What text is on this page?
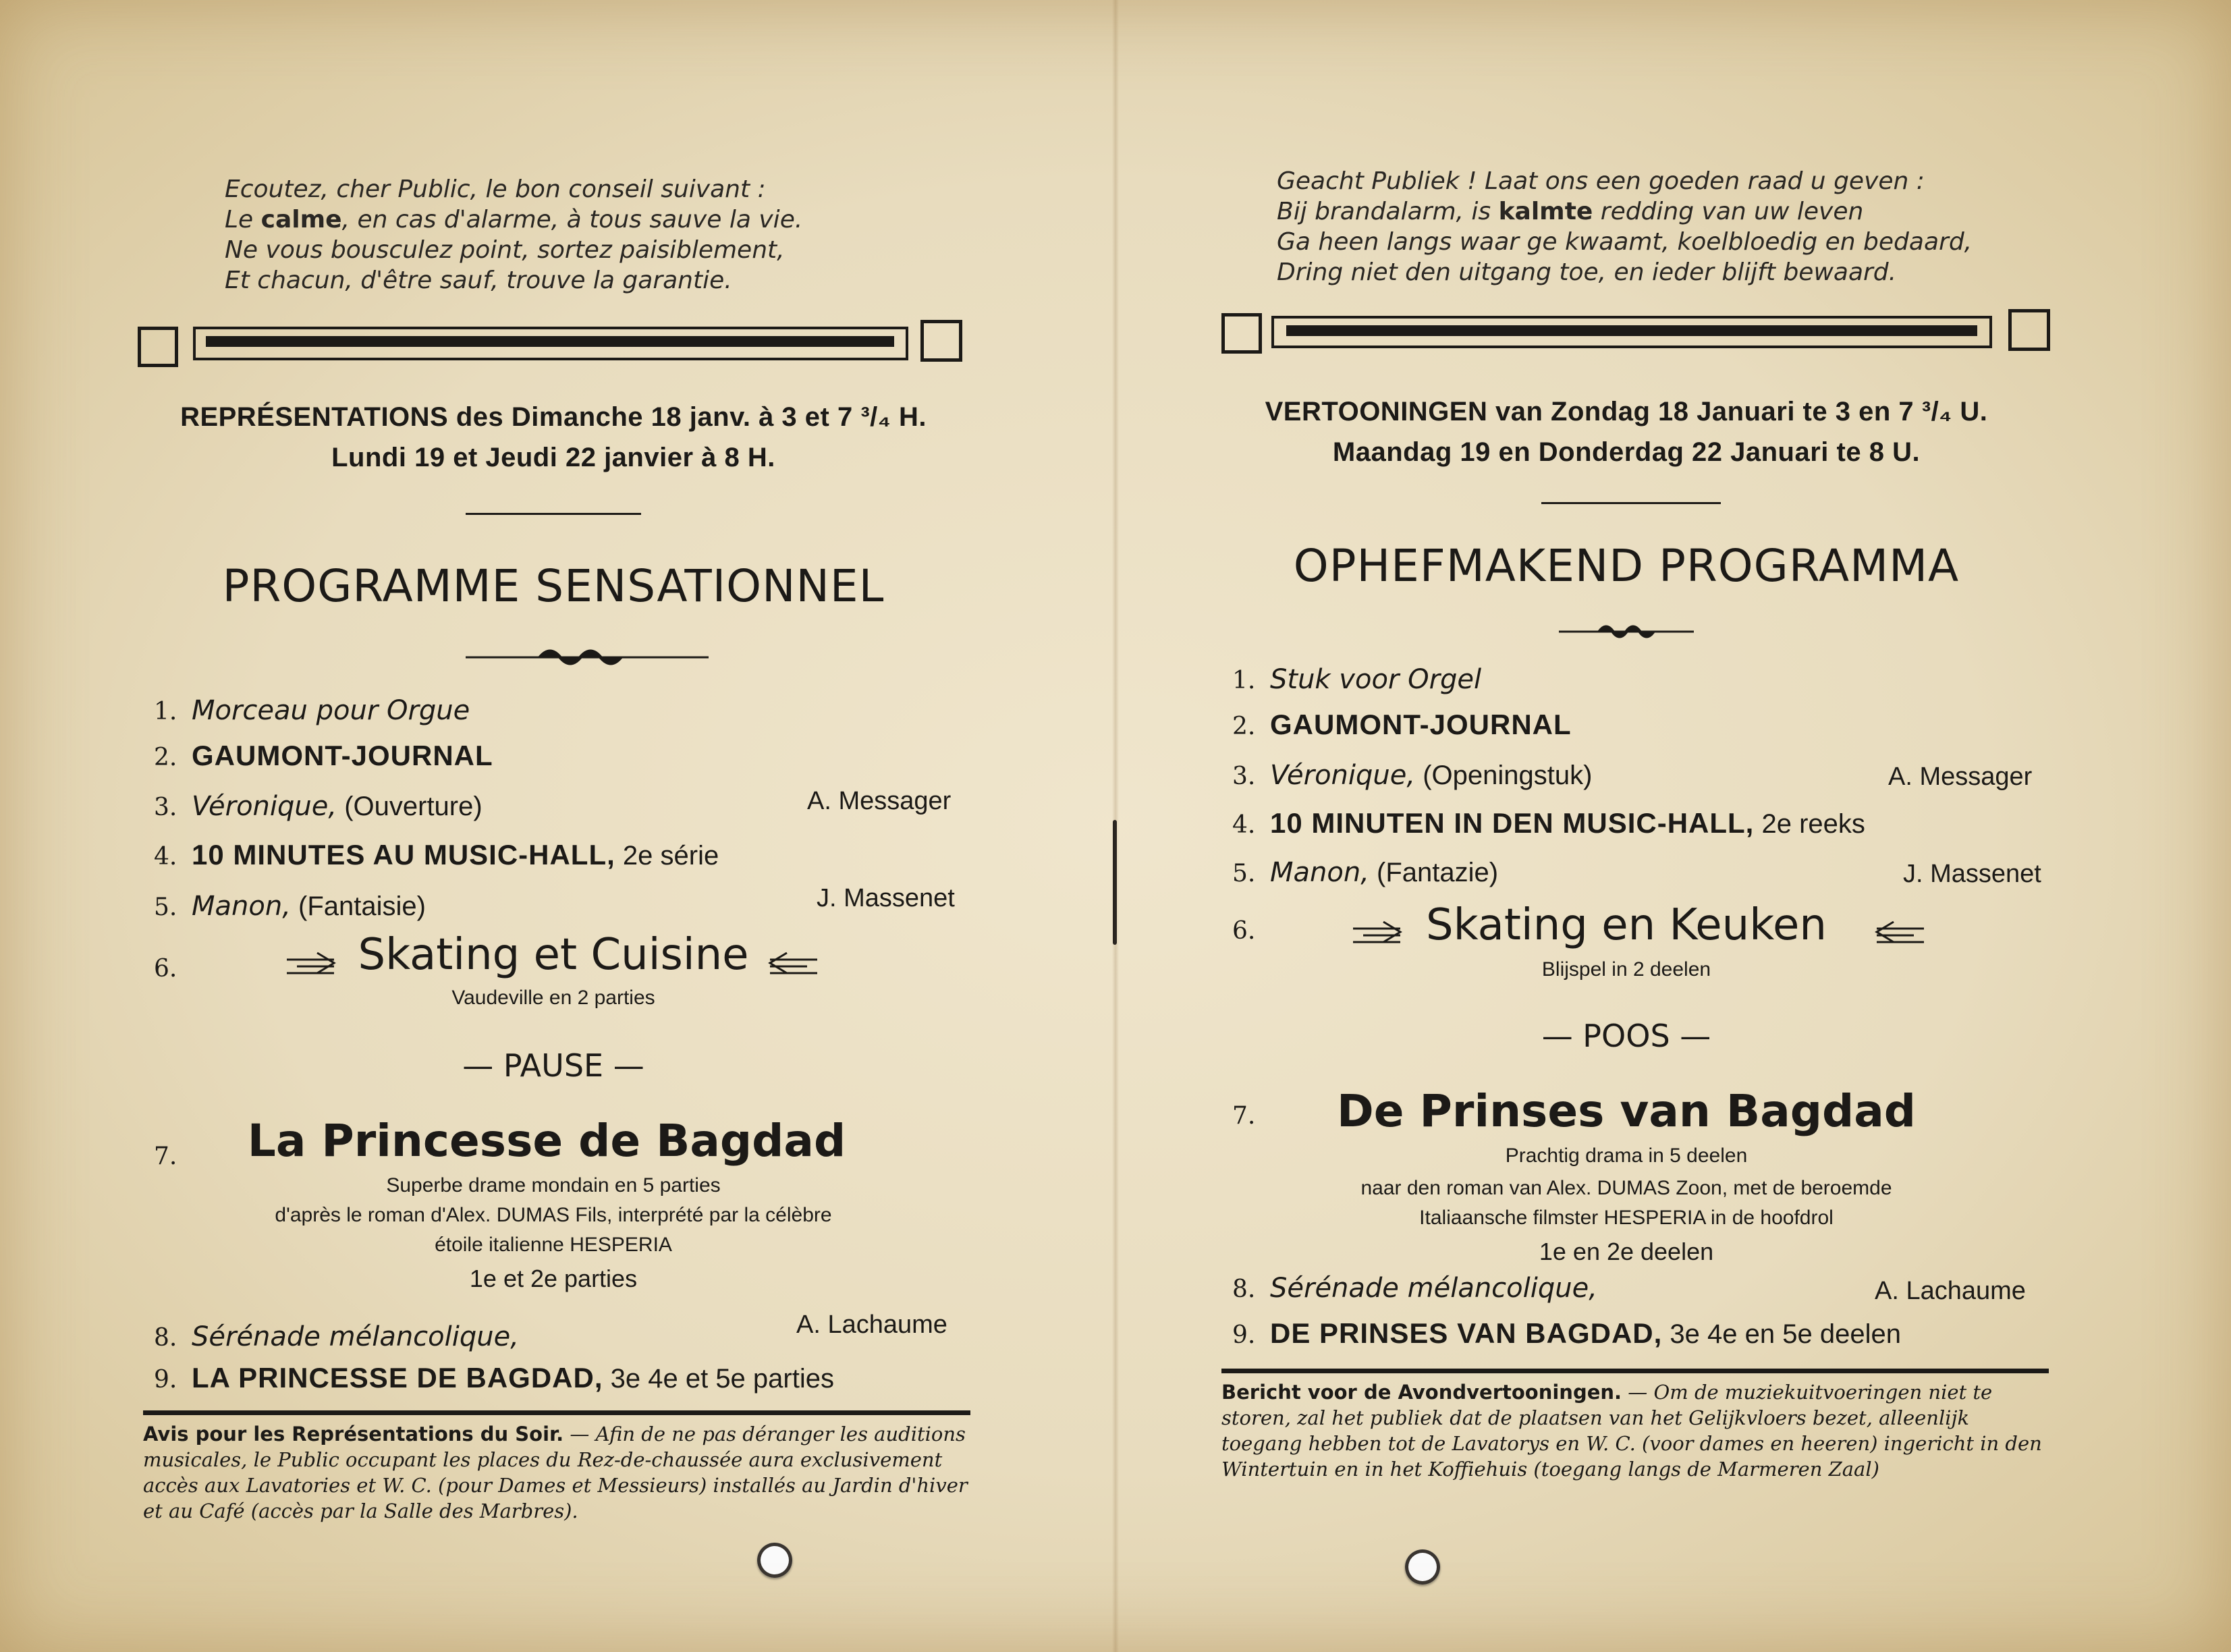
Ecoutez, cher Public, le bon conseil suivant :
Le calme, en cas d'alarme, à tous sauve la vie.
Ne vous bousculez point, sortez paisiblement,
Et chacun, d'être sauf, trouve la garantie.
REPRÉSENTATIONS des Dimanche 18 janv. à 3 et 7 ³/₄ H.
Lundi 19 et Jeudi 22 janvier à 8 H.
PROGRAMME SENSATIONNEL
1. Morceau pour Orgue
2. GAUMONT-JOURNAL
3. Véronique, (Ouverture)	A. Messager
4. 10 MINUTES AU MUSIC-HALL, 2e série
5. Manon, (Fantaisie)	J. Massenet
6.	Skating et Cuisine
Vaudeville en 2 parties
— PAUSE —
7.	La Princesse de Bagdad
Superbe drame mondain en 5 parties
d'après le roman d'Alex. DUMAS Fils, interprété par la célèbre
étoile italienne HESPERIA
1e et 2e parties
8. Sérénade mélancolique,	A. Lachaume
9. LA PRINCESSE DE BAGDAD, 3e 4e et 5e parties
Avis pour les Représentations du Soir. — Afin de ne pas déranger les auditions musicales, le Public occupant les places du Rez-de-chaussée aura exclusivement accès aux Lavatories et W. C. (pour Dames et Messieurs) installés au Jardin d'hiver et au Café (accès par la Salle des Marbres).
Geacht Publiek ! Laat ons een goeden raad u geven :
Bij brandalarm, is kalmte redding van uw leven
Ga heen langs waar ge kwaamt, koelbloedig en bedaard,
Dring niet den uitgang toe, en ieder blijft bewaard.
VERTOONINGEN van Zondag 18 Januari te 3 en 7 ³/₄ U.
Maandag 19 en Donderdag 22 Januari te 8 U.
OPHEFMAKEND PROGRAMMA
1. Stuk voor Orgel
2. GAUMONT-JOURNAL
3. Véronique, (Openingstuk)	A. Messager
4. 10 MINUTEN IN DEN MUSIC-HALL, 2e reeks
5. Manon, (Fantazie)	J. Massenet
6.	Skating en Keuken
Blijspel in 2 deelen
— POOS —
7.	De Prinses van Bagdad
Prachtig drama in 5 deelen
naar den roman van Alex. DUMAS Zoon, met de beroemde
Italiaansche filmster HESPERIA in de hoofdrol
1e en 2e deelen
8. Sérénade mélancolique,	A. Lachaume
9. DE PRINSES VAN BAGDAD, 3e 4e en 5e deelen
Bericht voor de Avondvertooningen. — Om de muziekuitvoeringen niet te storen, zal het publiek dat de plaatsen van het Gelijkvloers bezet, alleenlijk toegang hebben tot de Lavatorys en W. C. (voor dames en heeren) ingericht in den Wintertuin en in het Koffiehuis (toegang langs de Marmeren Zaal)
